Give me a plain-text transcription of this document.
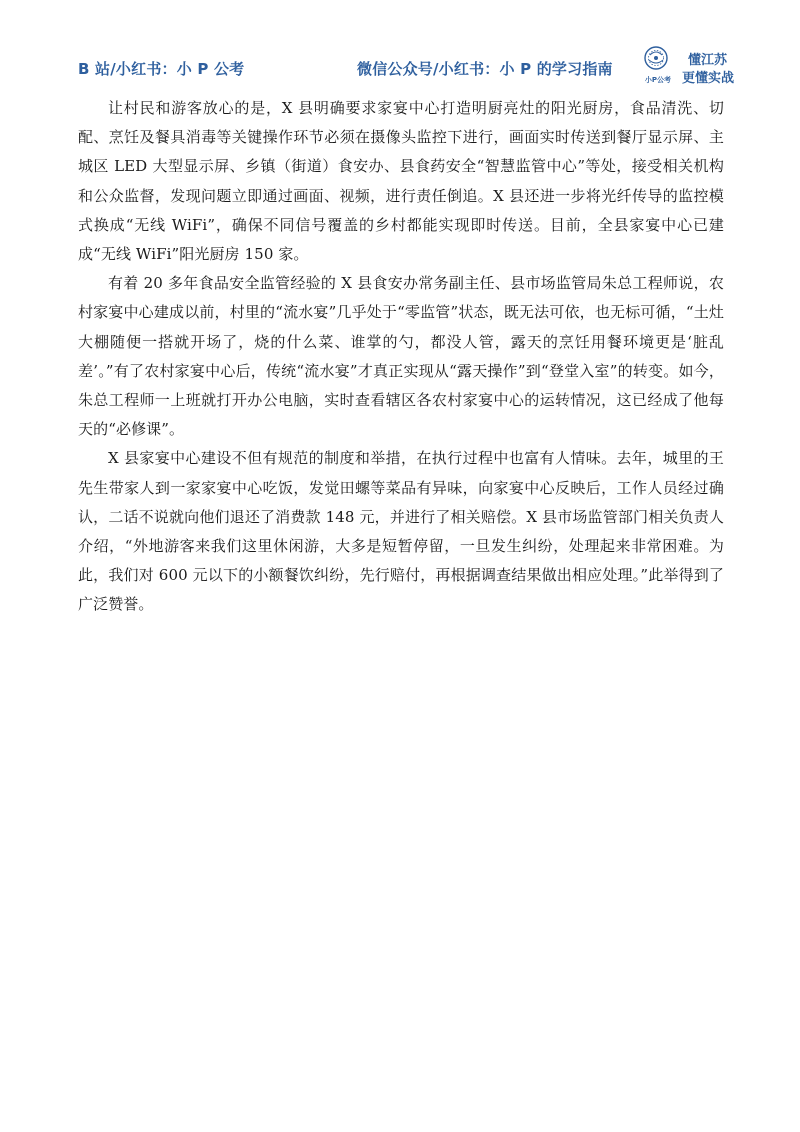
B 站/小红书：小 P 公考	微信公众号/小红书：小 P 的学习指南
小P公考
懂江苏
更懂实战

让村民和游客放心的是，X 县明确要求家宴中心打造明厨亮灶的阳光厨房，食品清洗、切配、烹饪及餐具消毒等关键操作环节必须在摄像头监控下进行，画面实时传送到餐厅显示屏、主城区 LED 大型显示屏、乡镇（街道）食安办、县食药安全“智慧监管中心”等处，接受相关机构和公众监督，发现问题立即通过画面、视频，进行责任倒追。X 县还进一步将光纤传导的监控模式换成“无线 WiFi”，确保不同信号覆盖的乡村都能实现即时传送。目前，全县家宴中心已建成“无线 WiFi”阳光厨房 150 家。

有着 20 多年食品安全监管经验的 X 县食安办常务副主任、县市场监管局朱总工程师说，农村家宴中心建成以前，村里的“流水宴”几乎处于“零监管”状态，既无法可依，也无标可循，“土灶大棚随便一搭就开场了，烧的什么菜、谁掌的勺，都没人管，露天的烹饪用餐环境更是‘脏乱差’。”有了农村家宴中心后，传统“流水宴”才真正实现从“露天操作”到“登堂入室”的转变。如今，朱总工程师一上班就打开办公电脑，实时查看辖区各农村家宴中心的运转情况，这已经成了他每天的“必修课”。

X 县家宴中心建设不但有规范的制度和举措，在执行过程中也富有人情味。去年，城里的王先生带家人到一家家宴中心吃饭，发觉田螺等菜品有异味，向家宴中心反映后，工作人员经过确认，二话不说就向他们退还了消费款 148 元，并进行了相关赔偿。X 县市场监管部门相关负责人介绍，“外地游客来我们这里休闲游，大多是短暂停留，一旦发生纠纷，处理起来非常困难。为此，我们对 600 元以下的小额餐饮纠纷，先行赔付，再根据调查结果做出相应处理。”此举得到了广泛赞誉。
